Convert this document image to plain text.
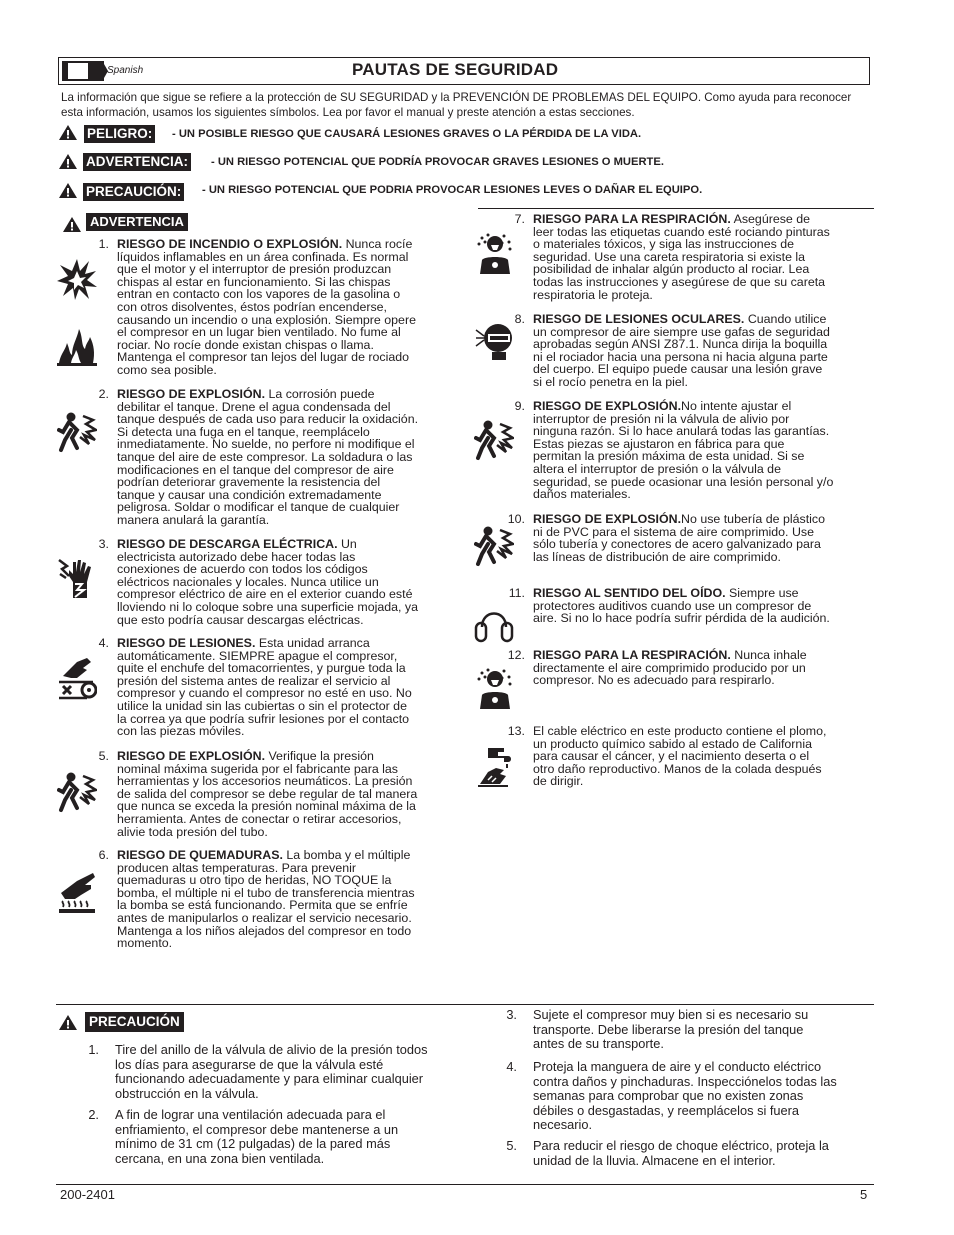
Spanish	PAUTAS DE SEGURIDAD
La información que sigue se refiere a la protección de SU SEGURIDAD y la PREVENCIÓN DE PROBLEMAS DEL EQUIPO. Como ayuda para reconocer esta información, usamos los siguientes símbolos. Lea por favor el manual y preste atención a estas secciones.
PELIGRO: - UN POSIBLE RIESGO QUE CAUSARÁ LESIONES GRAVES O LA PÉRDIDA DE LA VIDA.
ADVERTENCIA: - UN RIESGO POTENCIAL QUE PODRÍA PROVOCAR GRAVES LESIONES O MUERTE.
PRECAUCIÓN: - UN RIESGO POTENCIAL QUE PODRIA PROVOCAR LESIONES LEVES O DAÑAR EL EQUIPO.
ADVERTENCIA
1. RIESGO DE INCENDIO O EXPLOSIÓN. Nunca rocíe
líquidos inflamables en un área confinada. Es normal
que el motor y el interruptor de presión produzcan
chispas al estar en funcionamiento. Si las chispas
entran en contacto con los vapores de la gasolina o
con otros disolventes, éstos podrían encenderse,
causando un incendio o una explosión. Siempre opere
el compresor en un lugar bien ventilado. No fume al
rociar. No rocíe donde existan chispas o llama.
Mantenga el compresor tan lejos del lugar de rociado
como sea posible.
2. RIESGO DE EXPLOSIÓN. La corrosión puede
debilitar el tanque. Drene el agua condensada del
tanque después de cada uso para reducir la oxidación.
Si detecta una fuga en el tanque, reemplácelo
inmediatamente. No suelde, no perfore ni modifique el
tanque del aire de este compresor. La soldadura o las
modificaciones en el tanque del compresor de aire
podrían deteriorar gravemente la resistencia del
tanque y causar una condición extremadamente
peligrosa. Soldar o modificar el tanque de cualquier
manera anulará la garantía.
3. RIESGO DE DESCARGA ELÉCTRICA. Un
electricista autorizado debe hacer todas las
conexiones de acuerdo con todos los códigos
eléctricos nacionales y locales. Nunca utilice un
compresor eléctrico de aire en el exterior cuando esté
lloviendo ni lo coloque sobre una superficie mojada, ya
que esto podría causar descargas eléctricas.
4. RIESGO DE LESIONES. Esta unidad arranca
automáticamente. SIEMPRE apague el compresor,
quite el enchufe del tomacorrientes, y purgue toda la
presión del sistema antes de realizar el servicio al
compresor y cuando el compresor no esté en uso. No
utilice la unidad sin las cubiertas o sin el protector de
la correa ya que podría sufrir lesiones por el contacto
con las piezas móviles.
5. RIESGO DE EXPLOSIÓN. Verifique la presión
nominal máxima sugerida por el fabricante para las
herramientas y los accesorios neumáticos. La presión
de salida del compresor se debe regular de tal manera
que nunca se exceda la presión nominal máxima de la
herramienta. Antes de conectar o retirar accesorios,
alivie toda presión del tubo.
6. RIESGO DE QUEMADURAS. La bomba y el múltiple
producen altas temperaturas. Para prevenir
quemaduras u otro tipo de heridas, NO TOQUE la
bomba, el múltiple ni el tubo de transferencia mientras
la bomba se está funcionando. Permita que se enfríe
antes de manipularlos o realizar el servicio necesario.
Mantenga a los niños alejados del compresor en todo
momento.
7. RIESGO PARA LA RESPIRACIÓN. Asegúrese de
leer todas las etiquetas cuando esté rociando pinturas
o materiales tóxicos, y siga las instrucciones de
seguridad. Use una careta respiratoria si existe la
posibilidad de inhalar algún producto al rociar. Lea
todas las instrucciones y asegúrese de que su careta
respiratoria le proteja.
8. RIESGO DE LESIONES OCULARES. Cuando utilice
un compresor de aire siempre use gafas de seguridad
aprobadas según ANSI Z87.1. Nunca dirija la boquilla
ni el rociador hacia una persona ni hacia alguna parte
del cuerpo. El equipo puede causar una lesión grave
si el rocío penetra en la piel.
9. RIESGO DE EXPLOSIÓN.No intente ajustar el
interruptor de presión ni la válvula de alivio por
ninguna razón. Si lo hace anulará todas las garantías.
Estas piezas se ajustaron en fábrica para que
permitan la presión máxima de esta unidad. Si se
altera el interruptor de presión o la válvula de
seguridad, se puede ocasionar una lesión personal y/o
daños materiales.
10. RIESGO DE EXPLOSIÓN.No use tubería de plástico
ni de PVC para el sistema de aire comprimido. Use
sólo tubería y conectores de acero galvanizado para
las líneas de distribución de aire comprimido.
11. RIESGO AL SENTIDO DEL OÍDO. Siempre use
protectores auditivos cuando use un compresor de
aire. Si no lo hace podría sufrir pérdida de la audición.
12. RIESGO PARA LA RESPIRACIÓN. Nunca inhale
directamente el aire comprimido producido por un
compresor. No es adecuado para respirarlo.
13. El cable eléctrico en este producto contiene el plomo,
un producto químico sabido al estado de California
para causar el cáncer, y el nacimiento deserta o el
otro daño reproductivo. Manos de la colada después
de dirigir.
PRECAUCIÓN
1. Tire del anillo de la válvula de alivio de la presión todos
los días para asegurarse de que la válvula esté
funcionando adecuadamente y para eliminar cualquier
obstrucción en la válvula.
2. A fin de lograr una ventilación adecuada para el
enfriamiento, el compresor debe mantenerse a un
mínimo de 31 cm (12 pulgadas) de la pared más
cercana, en una zona bien ventilada.
3. Sujete el compresor muy bien si es necesario su
transporte. Debe liberarse la presión del tanque
antes de su transporte.
4. Proteja la manguera de aire y el conducto eléctrico
contra daños y pinchaduras. Inspecciónelos todas las
semanas para comprobar que no existen zonas
débiles o desgastadas, y reemplácelos si fuera
necesario.
5. Para reducir el riesgo de choque eléctrico, proteja la
unidad de la lluvia. Almacene en el interior.
200-2401	5
